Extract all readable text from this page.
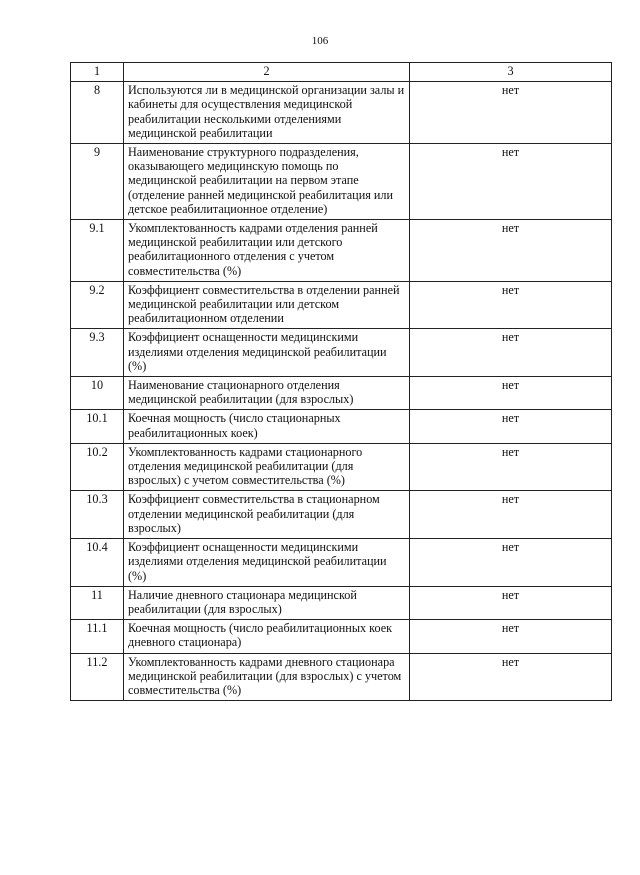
106
1	2	3
8	Используются ли в медицинской организации залы и кабинеты для осуществления медицинской реабилитации несколькими отделениями медицинской реабилитации	нет
9	Наименование структурного подразделения, оказывающего медицинскую помощь по медицинской реабилитации на первом этапе (отделение ранней медицинской реабилитация или детское реабилитационное отделение)	нет
9.1	Укомплектованность кадрами отделения ранней медицинской реабилитации или детского реабилитационного отделения с учетом совместительства (%)	нет
9.2	Коэффициент совместительства в отделении ранней медицинской реабилитации или детском реабилитационном отделении	нет
9.3	Коэффициент оснащенности медицинскими изделиями отделения медицинской реабилитации (%)	нет
10	Наименование стационарного отделения медицинской реабилитации (для взрослых)	нет
10.1	Коечная мощность (число стационарных реабилитационных коек)	нет
10.2	Укомплектованность кадрами стационарного отделения медицинской реабилитации (для взрослых) с учетом совместительства (%)	нет
10.3	Коэффициент совместительства в стационарном отделении медицинской реабилитации (для взрослых)	нет
10.4	Коэффициент оснащенности медицинскими изделиями отделения медицинской реабилитации (%)	нет
11	Наличие дневного стационара медицинской реабилитации (для взрослых)	нет
11.1	Коечная мощность (число реабилитационных коек дневного стационара)	нет
11.2	Укомплектованность кадрами дневного стационара медицинской реабилитации (для взрослых) с учетом совместительства (%)	нет
